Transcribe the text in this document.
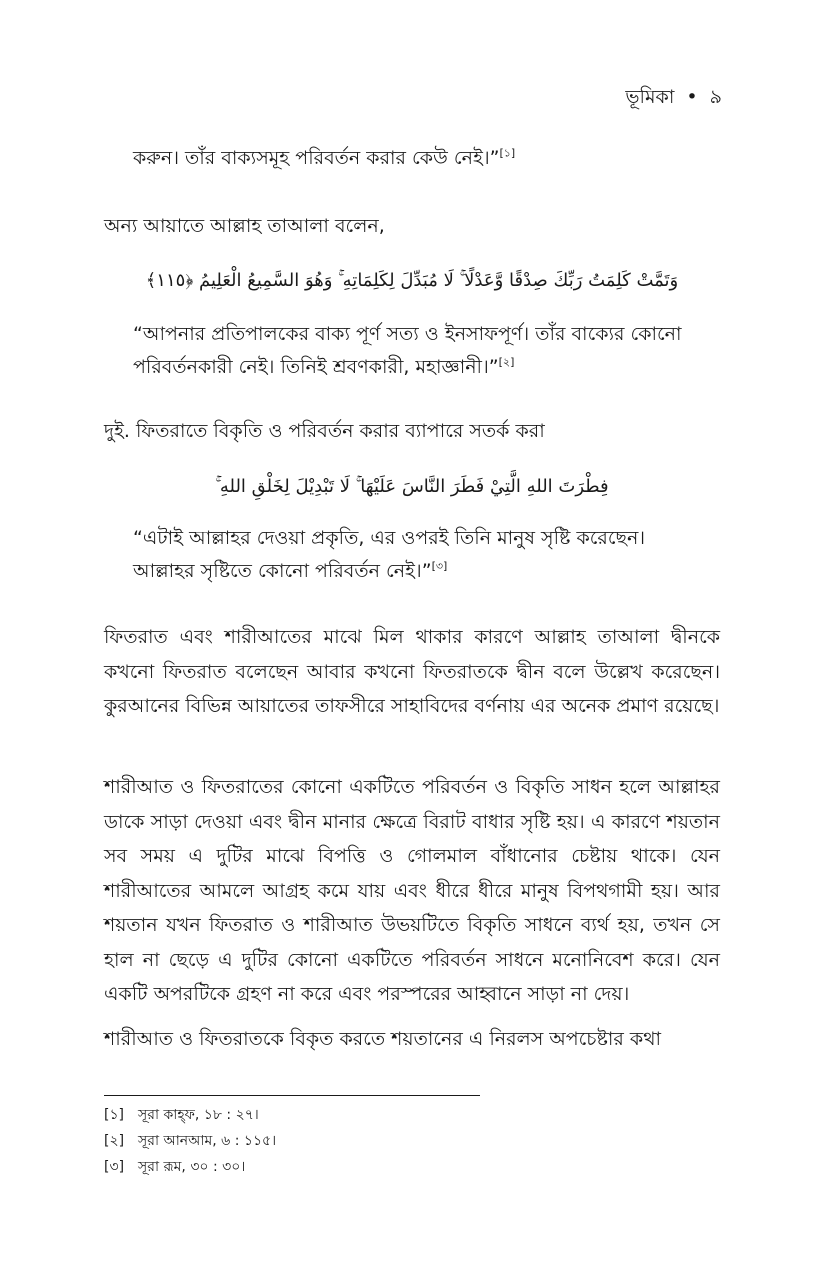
ভূমিকা • ৯

করুন। তাঁর বাক্যসমূহ পরিবর্তন করার কেউ নেই।”[১]

অন্য আয়াতে আল্লাহ তাআলা বলেন,

وَتَمَّتْ كَلِمَتُ رَبِّكَ صِدْقًا وَّعَدْلًا ۚ لَا مُبَدِّلَ لِكَلِمَاتِهِ ۚ وَهُوَ السَّمِيعُ الْعَلِيمُ ﴿١١٥﴾

“আপনার প্রতিপালকের বাক্য পূর্ণ সত্য ও ইনসাফপূর্ণ। তাঁর বাক্যের কোনো
পরিবর্তনকারী নেই। তিনিই শ্রবণকারী, মহাজ্ঞানী।”[২]

দুই. ফিতরাতে বিকৃতি ও পরিবর্তন করার ব্যাপারে সতর্ক করা

فِطْرَتَ اللهِ الَّتِيْ فَطَرَ النَّاسَ عَلَيْهَا ۚ لَا تَبْدِيْلَ لِخَلْقِ اللهِ ۚ

“এটাই আল্লাহর দেওয়া প্রকৃতি, এর ওপরই তিনি মানুষ সৃষ্টি করেছেন।
আল্লাহর সৃষ্টিতে কোনো পরিবর্তন নেই।”[৩]

ফিতরাত এবং শারীআতের মাঝে মিল থাকার কারণে আল্লাহ তাআলা দ্বীনকে কখনো ফিতরাত বলেছেন আবার কখনো ফিতরাতকে দ্বীন বলে উল্লেখ করেছেন। কুরআনের বিভিন্ন আয়াতের তাফসীরে সাহাবিদের বর্ণনায় এর অনেক প্রমাণ রয়েছে।

শারীআত ও ফিতরাতের কোনো একটিতে পরিবর্তন ও বিকৃতি সাধন হলে আল্লাহর ডাকে সাড়া দেওয়া এবং দ্বীন মানার ক্ষেত্রে বিরাট বাধার সৃষ্টি হয়। এ কারণে শয়তান সব সময় এ দুটির মাঝে বিপত্তি ও গোলমাল বাঁধানোর চেষ্টায় থাকে। যেন শারীআতের আমলে আগ্রহ কমে যায় এবং ধীরে ধীরে মানুষ বিপথগামী হয়। আর শয়তান যখন ফিতরাত ও শারীআত উভয়টিতে বিকৃতি সাধনে ব্যর্থ হয়, তখন সে হাল না ছেড়ে এ দুটির কোনো একটিতে পরিবর্তন সাধনে মনোনিবেশ করে। যেন একটি অপরটিকে গ্রহণ না করে এবং পরস্পরের আহ্বানে সাড়া না দেয়।

শারীআত ও ফিতরাতকে বিকৃত করতে শয়তানের এ নিরলস অপচেষ্টার কথা

[১] সূরা কাহ্ফ, ১৮ : ২৭।
[২] সূরা আনআম, ৬ : ১১৫।
[৩] সূরা রূম, ৩০ : ৩০।
